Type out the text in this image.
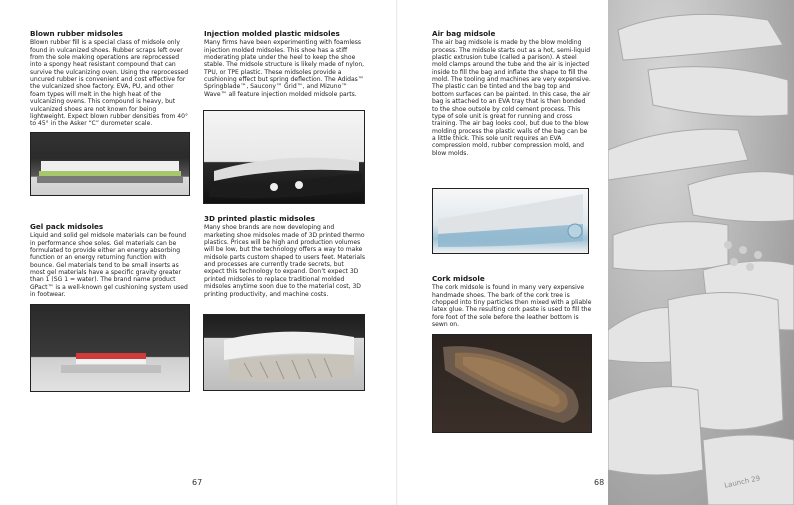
Blown rubber midsoles

Blown rubber fill is a special class of midsole only found in vulcanized shoes. Rubber scraps left over from the sole making operations are reprocessed into a spongy heat resistant compound that can survive the vulcanizing oven. Using the reprocessed uncured rubber is convenient and cost effective for the vulcanized shoe factory. EVA, PU, and other foam types will melt in the high heat of the vulcanizing ovens. This compound is heavy, but vulcanized shoes are not known for being lightweight. Expect blown rubber densities from 40° to 45° in the Asker “C” durometer scale.

Gel pack midsoles

Liquid and solid gel midsole materials can be found in performance shoe soles. Gel materials can be formulated to provide either an energy absorbing function or an energy returning function with bounce. Gel materials tend to be small inserts as most gel materials have a specific gravity greater than 1 (SG 1 = water). The brand name product GPact™ is a well-known gel cushioning system used in footwear.

Injection molded plastic midsoles

Many firms have been experimenting with foamless injection molded midsoles. This shoe has a stiff moderating plate under the heel to keep the shoe stable. The midsole structure is likely made of nylon, TPU, or TPE plastic. These midsoles provide a cushioning effect but spring deflection. The Adidas™ Springblade™, Saucony™ Grid™, and Mizuno™ Wave™ all feature injection molded midsole parts.

3D printed plastic midsoles

Many shoe brands are now developing and marketing shoe midsoles made of 3D printed thermo plastics. Prices will be high and production volumes will be low, but the technology offers a way to make midsole parts custom shaped to users feet. Materials and processes are currently trade secrets, but expect this technology to expand. Don’t expect 3D printed midsoles to replace traditional molded midsoles anytime soon due to the material cost, 3D printing productivity, and machine costs.

67
Air bag midsole

The air bag midsole is made by the blow molding process. The midsole starts out as a hot, semi-liquid plastic extrusion tube (called a parison). A steel mold clamps around the tube and the air is injected inside to fill the bag and inflate the shape to fill the mold. The tooling and machines are very expensive. The plastic can be tinted and the bag top and bottom surfaces can be painted. In this case, the air bag is attached to an EVA tray that is then bonded to the shoe outsole by cold cement process. This type of sole unit is great for running and cross training. The air bag looks cool, but due to the blow molding process the plastic walls of the bag can be a little thick. This sole unit requires an EVA compression mold, rubber compression mold, and blow molds.

Cork midsole

The cork midsole is found in many very expensive handmade shoes. The bark of the cork tree is chopped into tiny particles then mixed with a pliable latex glue. The resulting cork paste is used to fill the fore foot of the sole before the leather bottom is sewn on.

68	Launch 29
